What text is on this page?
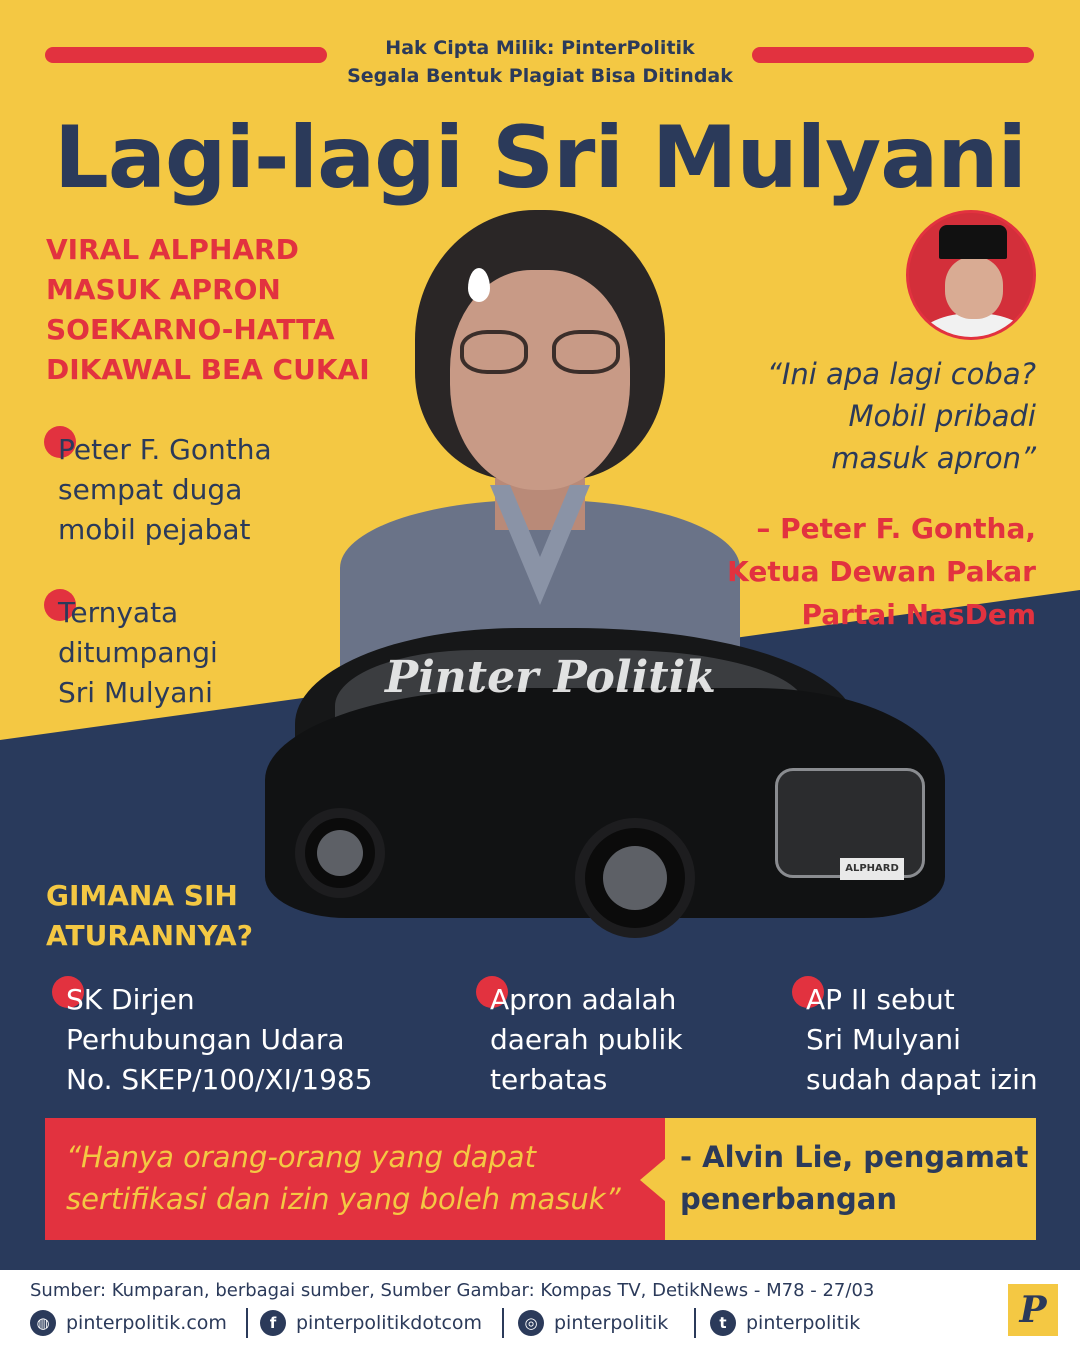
Hak Cipta Milik: PinterPolitik
Segala Bentuk Plagiat Bisa Ditindak
Lagi-lagi Sri Mulyani
VIRAL ALPHARD
MASUK APRON
SOEKARNO-HATTA
DIKAWAL BEA CUKAI
Peter F. Gontha
sempat duga
mobil pejabat
Ternyata
ditumpangi
Sri Mulyani
“Ini apa lagi coba?
Mobil pribadi
masuk apron”
– Peter F. Gontha,
Ketua Dewan Pakar
Partai NasDem
Pinter Politik
ALPHARD
GIMANA SIH
ATURANNYA?
SK Dirjen
Perhubungan Udara
No. SKEP/100/XI/1985
Apron adalah
daerah publik
terbatas
AP II sebut
Sri Mulyani
sudah dapat izin
“Hanya orang-orang yang dapat
sertifikasi dan izin yang boleh masuk”
- Alvin Lie, pengamat
penerbangan
Sumber: Kumparan, berbagai sumber, Sumber Gambar: Kompas TV, DetikNews - M78 - 27/03
◍ pinterpolitik.com	f	pinterpolitikdotcom	◎ pinterpolitik	t	pinterpolitik	P
